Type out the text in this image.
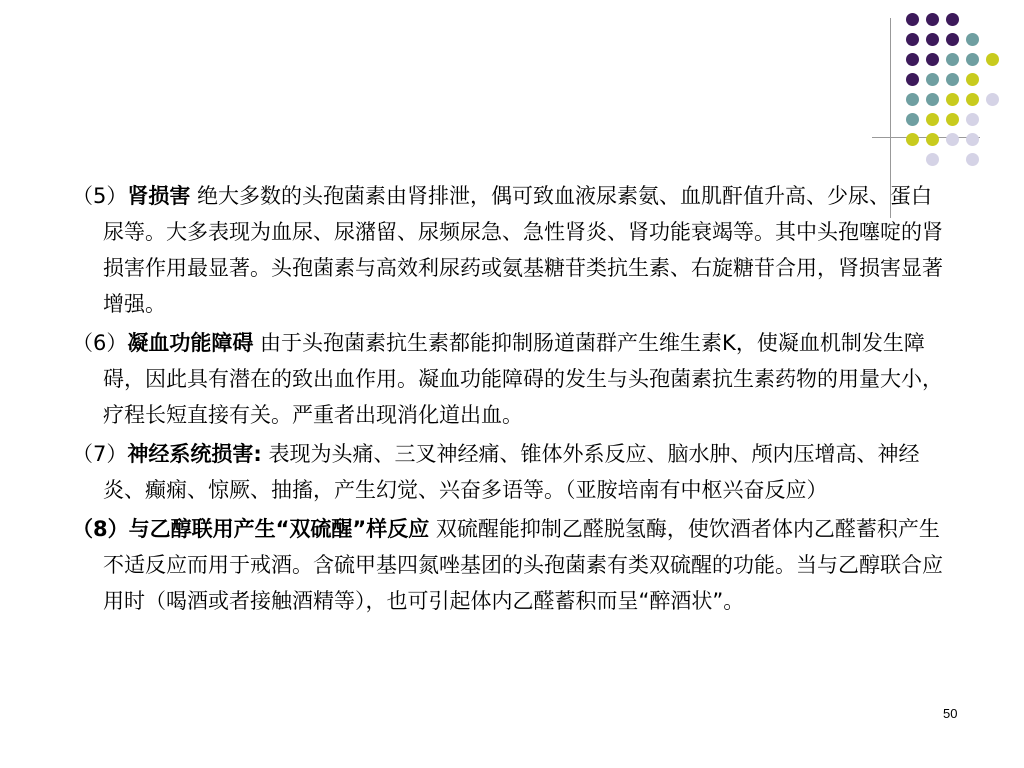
（5）肾损害 绝大多数的头孢菌素由肾排泄，偶可致血液尿素氨、血肌酐值升高、少尿、蛋白尿等。大多表现为血尿、尿潴留、尿频尿急、急性肾炎、肾功能衰竭等。其中头孢噻啶的肾损害作用最显著。头孢菌素与高效利尿药或氨基糖苷类抗生素、右旋糖苷合用，肾损害显著增强。

（6）凝血功能障碍 由于头孢菌素抗生素都能抑制肠道菌群产生维生素K，使凝血机制发生障碍，因此具有潜在的致出血作用。凝血功能障碍的发生与头孢菌素抗生素药物的用量大小，疗程长短直接有关。严重者出现消化道出血。

（7）神经系统损害: 表现为头痛、三叉神经痛、锥体外系反应、脑水肿、颅内压增高、神经炎、癫痫、惊厥、抽搐，产生幻觉、兴奋多语等。（亚胺培南有中枢兴奋反应）

（8）与乙醇联用产生“双硫醒”样反应 双硫醒能抑制乙醛脱氢酶，使饮酒者体内乙醛蓄积产生不适反应而用于戒酒。含硫甲基四氮唑基团的头孢菌素有类双硫醒的功能。当与乙醇联合应用时（喝酒或者接触酒精等），也可引起体内乙醛蓄积而呈“醉酒状”。

50
